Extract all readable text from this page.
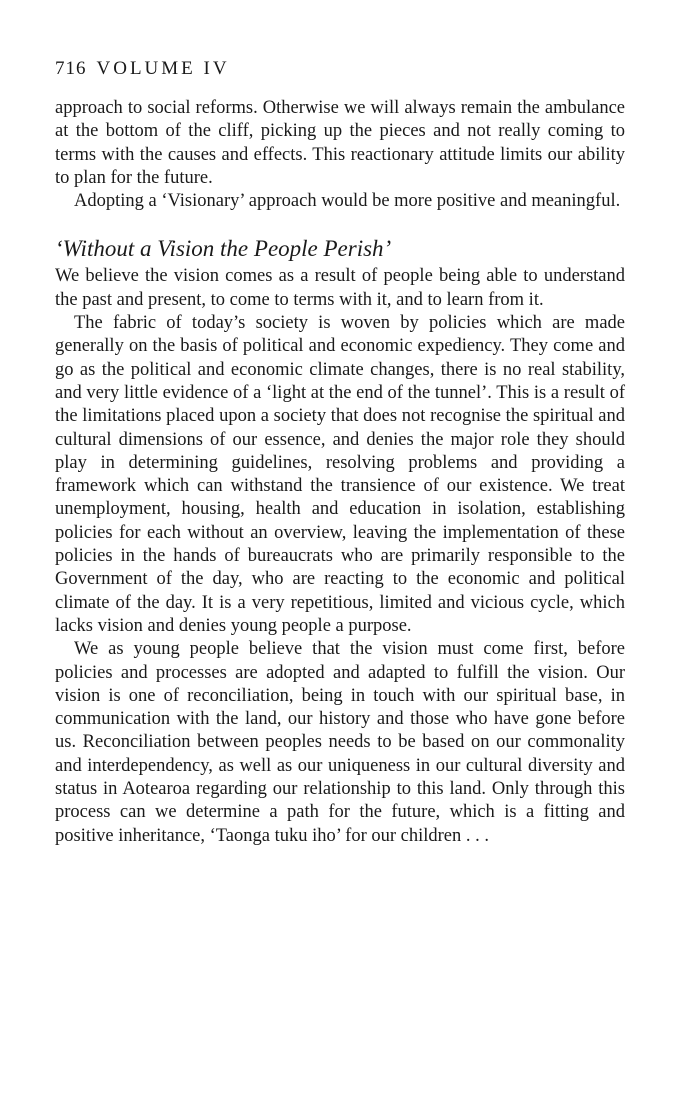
716 VOLUME IV

approach to social reforms. Otherwise we will always remain the ambulance at the bottom of the cliff, picking up the pieces and not really coming to terms with the causes and effects. This reactionary attitude limits our ability to plan for the future.

Adopting a ‘Visionary’ approach would be more positive and meaningful.

‘Without a Vision the People Perish’

We believe the vision comes as a result of people being able to understand the past and present, to come to terms with it, and to learn from it.

The fabric of today’s society is woven by policies which are made generally on the basis of political and economic expediency. They come and go as the political and economic climate changes, there is no real stability, and very little evidence of a ‘light at the end of the tunnel’. This is a result of the limitations placed upon a society that does not recognise the spiritual and cultural dimensions of our essence, and denies the major role they should play in determining guidelines, resolving problems and providing a framework which can withstand the transience of our existence. We treat unemployment, housing, health and education in isolation, establishing policies for each without an overview, leaving the implementation of these policies in the hands of bureaucrats who are primarily responsible to the Government of the day, who are reacting to the economic and political climate of the day. It is a very repetitious, limited and vicious cycle, which lacks vision and denies young people a purpose.

We as young people believe that the vision must come first, before policies and processes are adopted and adapted to fulfill the vision. Our vision is one of reconciliation, being in touch with our spiritual base, in communication with the land, our history and those who have gone before us. Reconciliation between peoples needs to be based on our commonality and interdependency, as well as our uniqueness in our cultural diversity and status in Aotearoa regarding our relationship to this land. Only through this process can we determine a path for the future, which is a fitting and positive inheritance, ‘Taonga tuku iho’ for our children . . .
